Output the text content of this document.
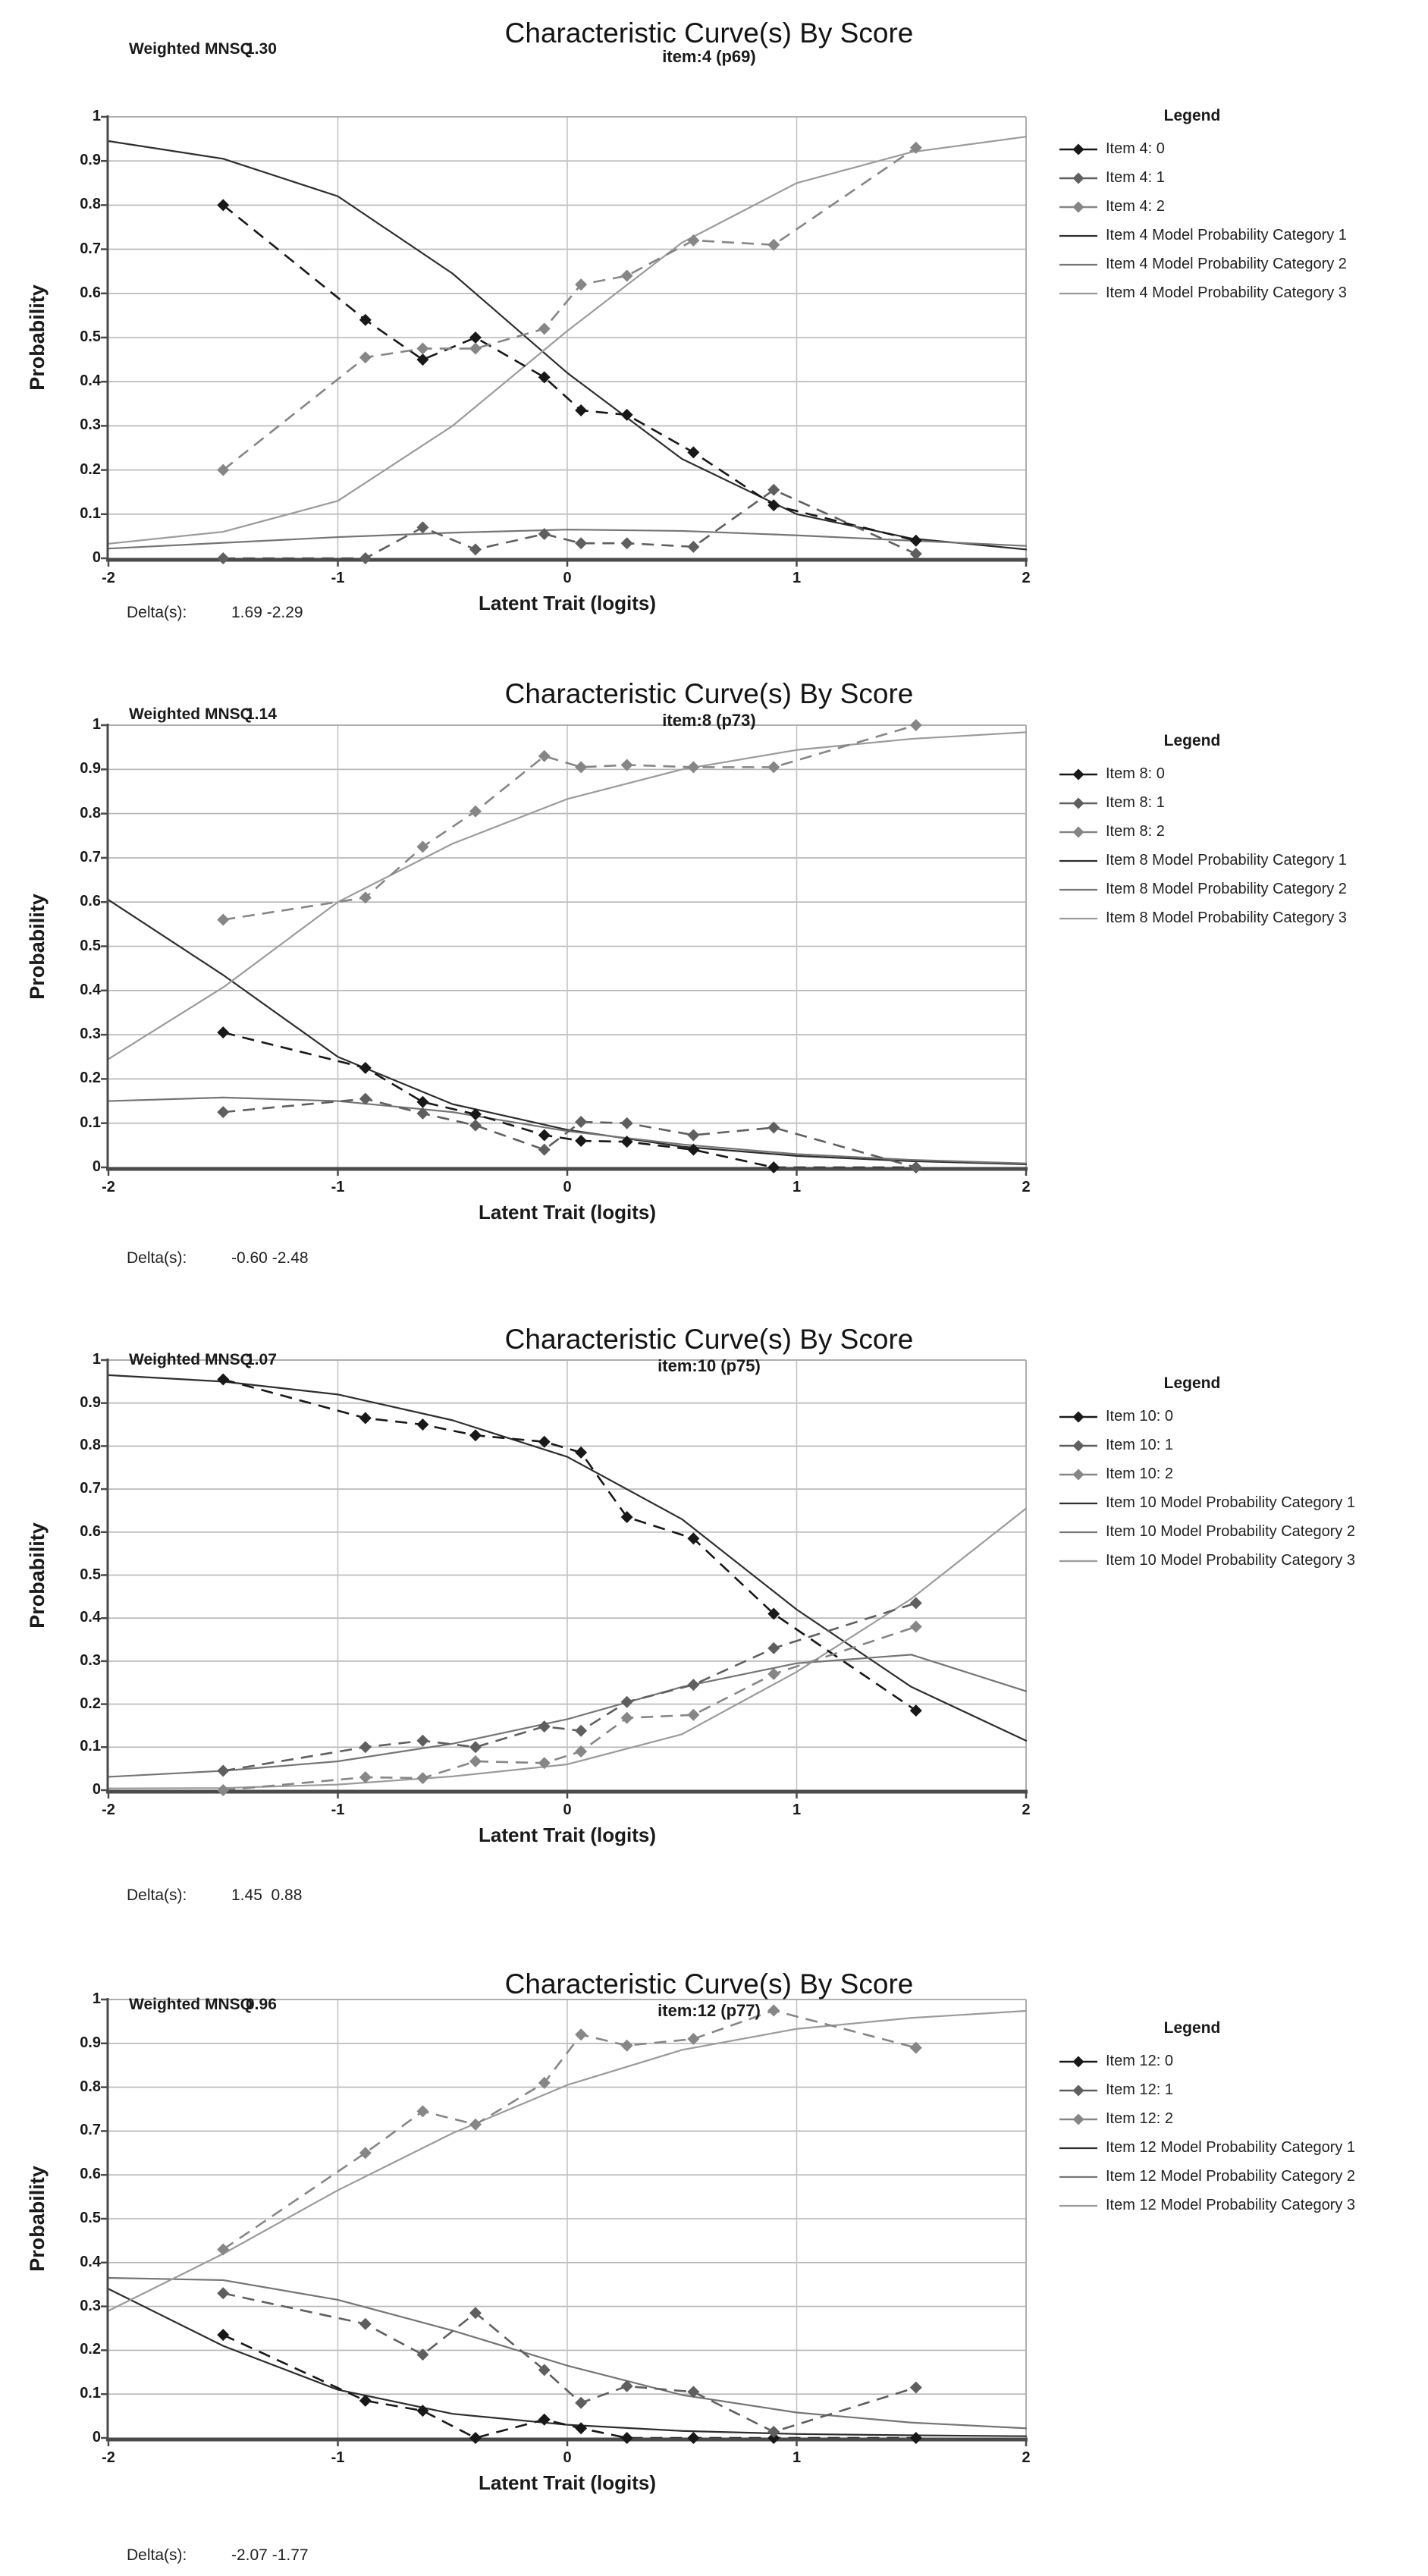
Characteristic Curve(s) By Score
item:4 (p69)
Weighted MNSQ
1.30
Probability
1
0.9
0.8
0.7
0.6
0.5
0.4
0.3
0.2
0.1
0
-2	-1	0	1	2
Latent Trait (logits)
Legend
Item 4: 0
Item 4: 1
Item 4: 2
Item 4 Model Probability Category 1
Item 4 Model Probability Category 2
Item 4 Model Probability Category 3
Delta(s):	1.69 -2.29
Characteristic Curve(s) By Score
item:8 (p73)
Weighted MNSQ
1.14
Probability
1
0.9
0.8
0.7
0.6
0.5
0.4
0.3
0.2
0.1
0
-2	-1	0	1	2
Latent Trait (logits)
Legend
Item 8: 0
Item 8: 1
Item 8: 2
Item 8 Model Probability Category 1
Item 8 Model Probability Category 2
Item 8 Model Probability Category 3
Delta(s):	-0.60 -2.48
Characteristic Curve(s) By Score
item:10 (p75)
Weighted MNSQ
1.07
Probability
1
0.9
0.8
0.7
0.6
0.5
0.4
0.3
0.2
0.1
0
-2	-1	0	1	2
Latent Trait (logits)
Legend
Item 10: 0
Item 10: 1
Item 10: 2
Item 10 Model Probability Category 1
Item 10 Model Probability Category 2
Item 10 Model Probability Category 3
Delta(s):	1.45  0.88
Characteristic Curve(s) By Score
item:12 (p77)
Weighted MNSQ
0.96
Probability
1
0.9
0.8
0.7
0.6
0.5
0.4
0.3
0.2
0.1
0
-2	-1	0	1	2
Latent Trait (logits)
Legend
Item 12: 0
Item 12: 1
Item 12: 2
Item 12 Model Probability Category 1
Item 12 Model Probability Category 2
Item 12 Model Probability Category 3
Delta(s):	-2.07 -1.77
